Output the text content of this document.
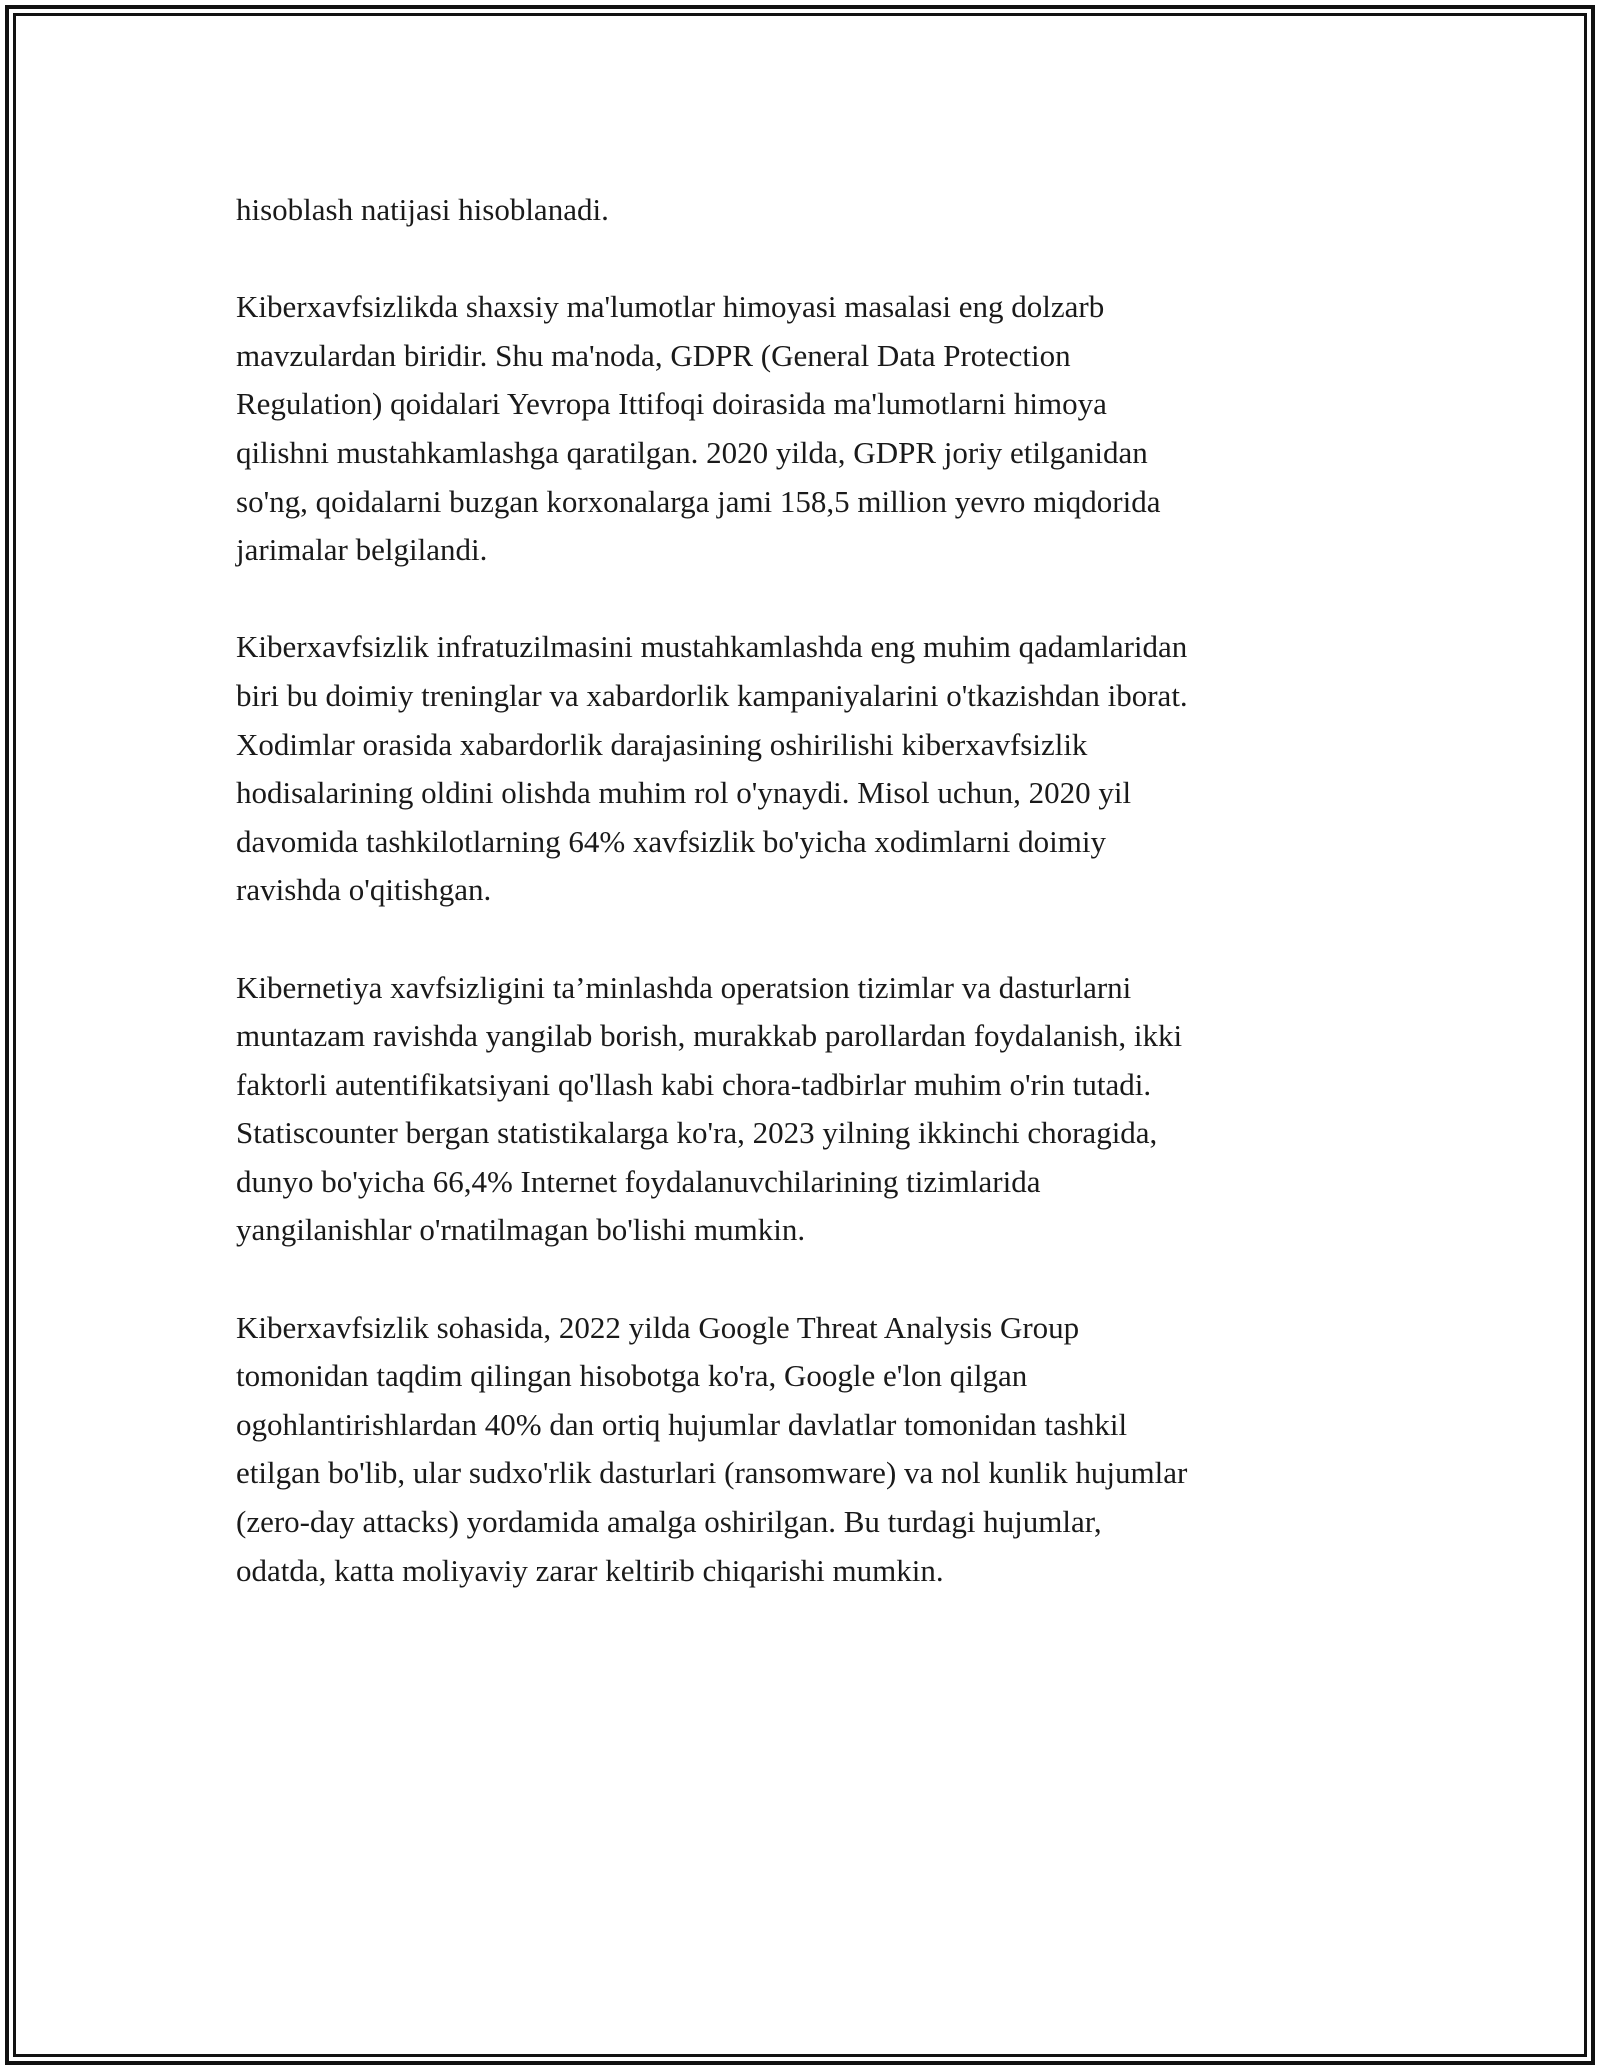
hisoblash natijasi hisoblanadi.

Kiberxavfsizlikda shaxsiy ma'lumotlar himoyasi masalasi eng dolzarb
mavzulardan biridir. Shu ma'noda, GDPR (General Data Protection
Regulation) qoidalari Yevropa Ittifoqi doirasida ma'lumotlarni himoya
qilishni mustahkamlashga qaratilgan. 2020 yilda, GDPR joriy etilganidan
so'ng, qoidalarni buzgan korxonalarga jami 158,5 million yevro miqdorida
jarimalar belgilandi.

Kiberxavfsizlik infratuzilmasini mustahkamlashda eng muhim qadamlaridan
biri bu doimiy treninglar va xabardorlik kampaniyalarini o'tkazishdan iborat.
Xodimlar orasida xabardorlik darajasining oshirilishi kiberxavfsizlik
hodisalarining oldini olishda muhim rol o'ynaydi. Misol uchun, 2020 yil
davomida tashkilotlarning 64% xavfsizlik bo'yicha xodimlarni doimiy
ravishda o'qitishgan.

Kibernetiya xavfsizligini ta’minlashda operatsion tizimlar va dasturlarni
muntazam ravishda yangilab borish, murakkab parollardan foydalanish, ikki
faktorli autentifikatsiyani qo'llash kabi chora-tadbirlar muhim o'rin tutadi.
Statiscounter bergan statistikalarga ko'ra, 2023 yilning ikkinchi choragida,
dunyo bo'yicha 66,4% Internet foydalanuvchilarining tizimlarida
yangilanishlar o'rnatilmagan bo'lishi mumkin.

Kiberxavfsizlik sohasida, 2022 yilda Google Threat Analysis Group
tomonidan taqdim qilingan hisobotga ko'ra, Google e'lon qilgan
ogohlantirishlardan 40% dan ortiq hujumlar davlatlar tomonidan tashkil
etilgan bo'lib, ular sudxo'rlik dasturlari (ransomware) va nol kunlik hujumlar
(zero-day attacks) yordamida amalga oshirilgan. Bu turdagi hujumlar,
odatda, katta moliyaviy zarar keltirib chiqarishi mumkin.
